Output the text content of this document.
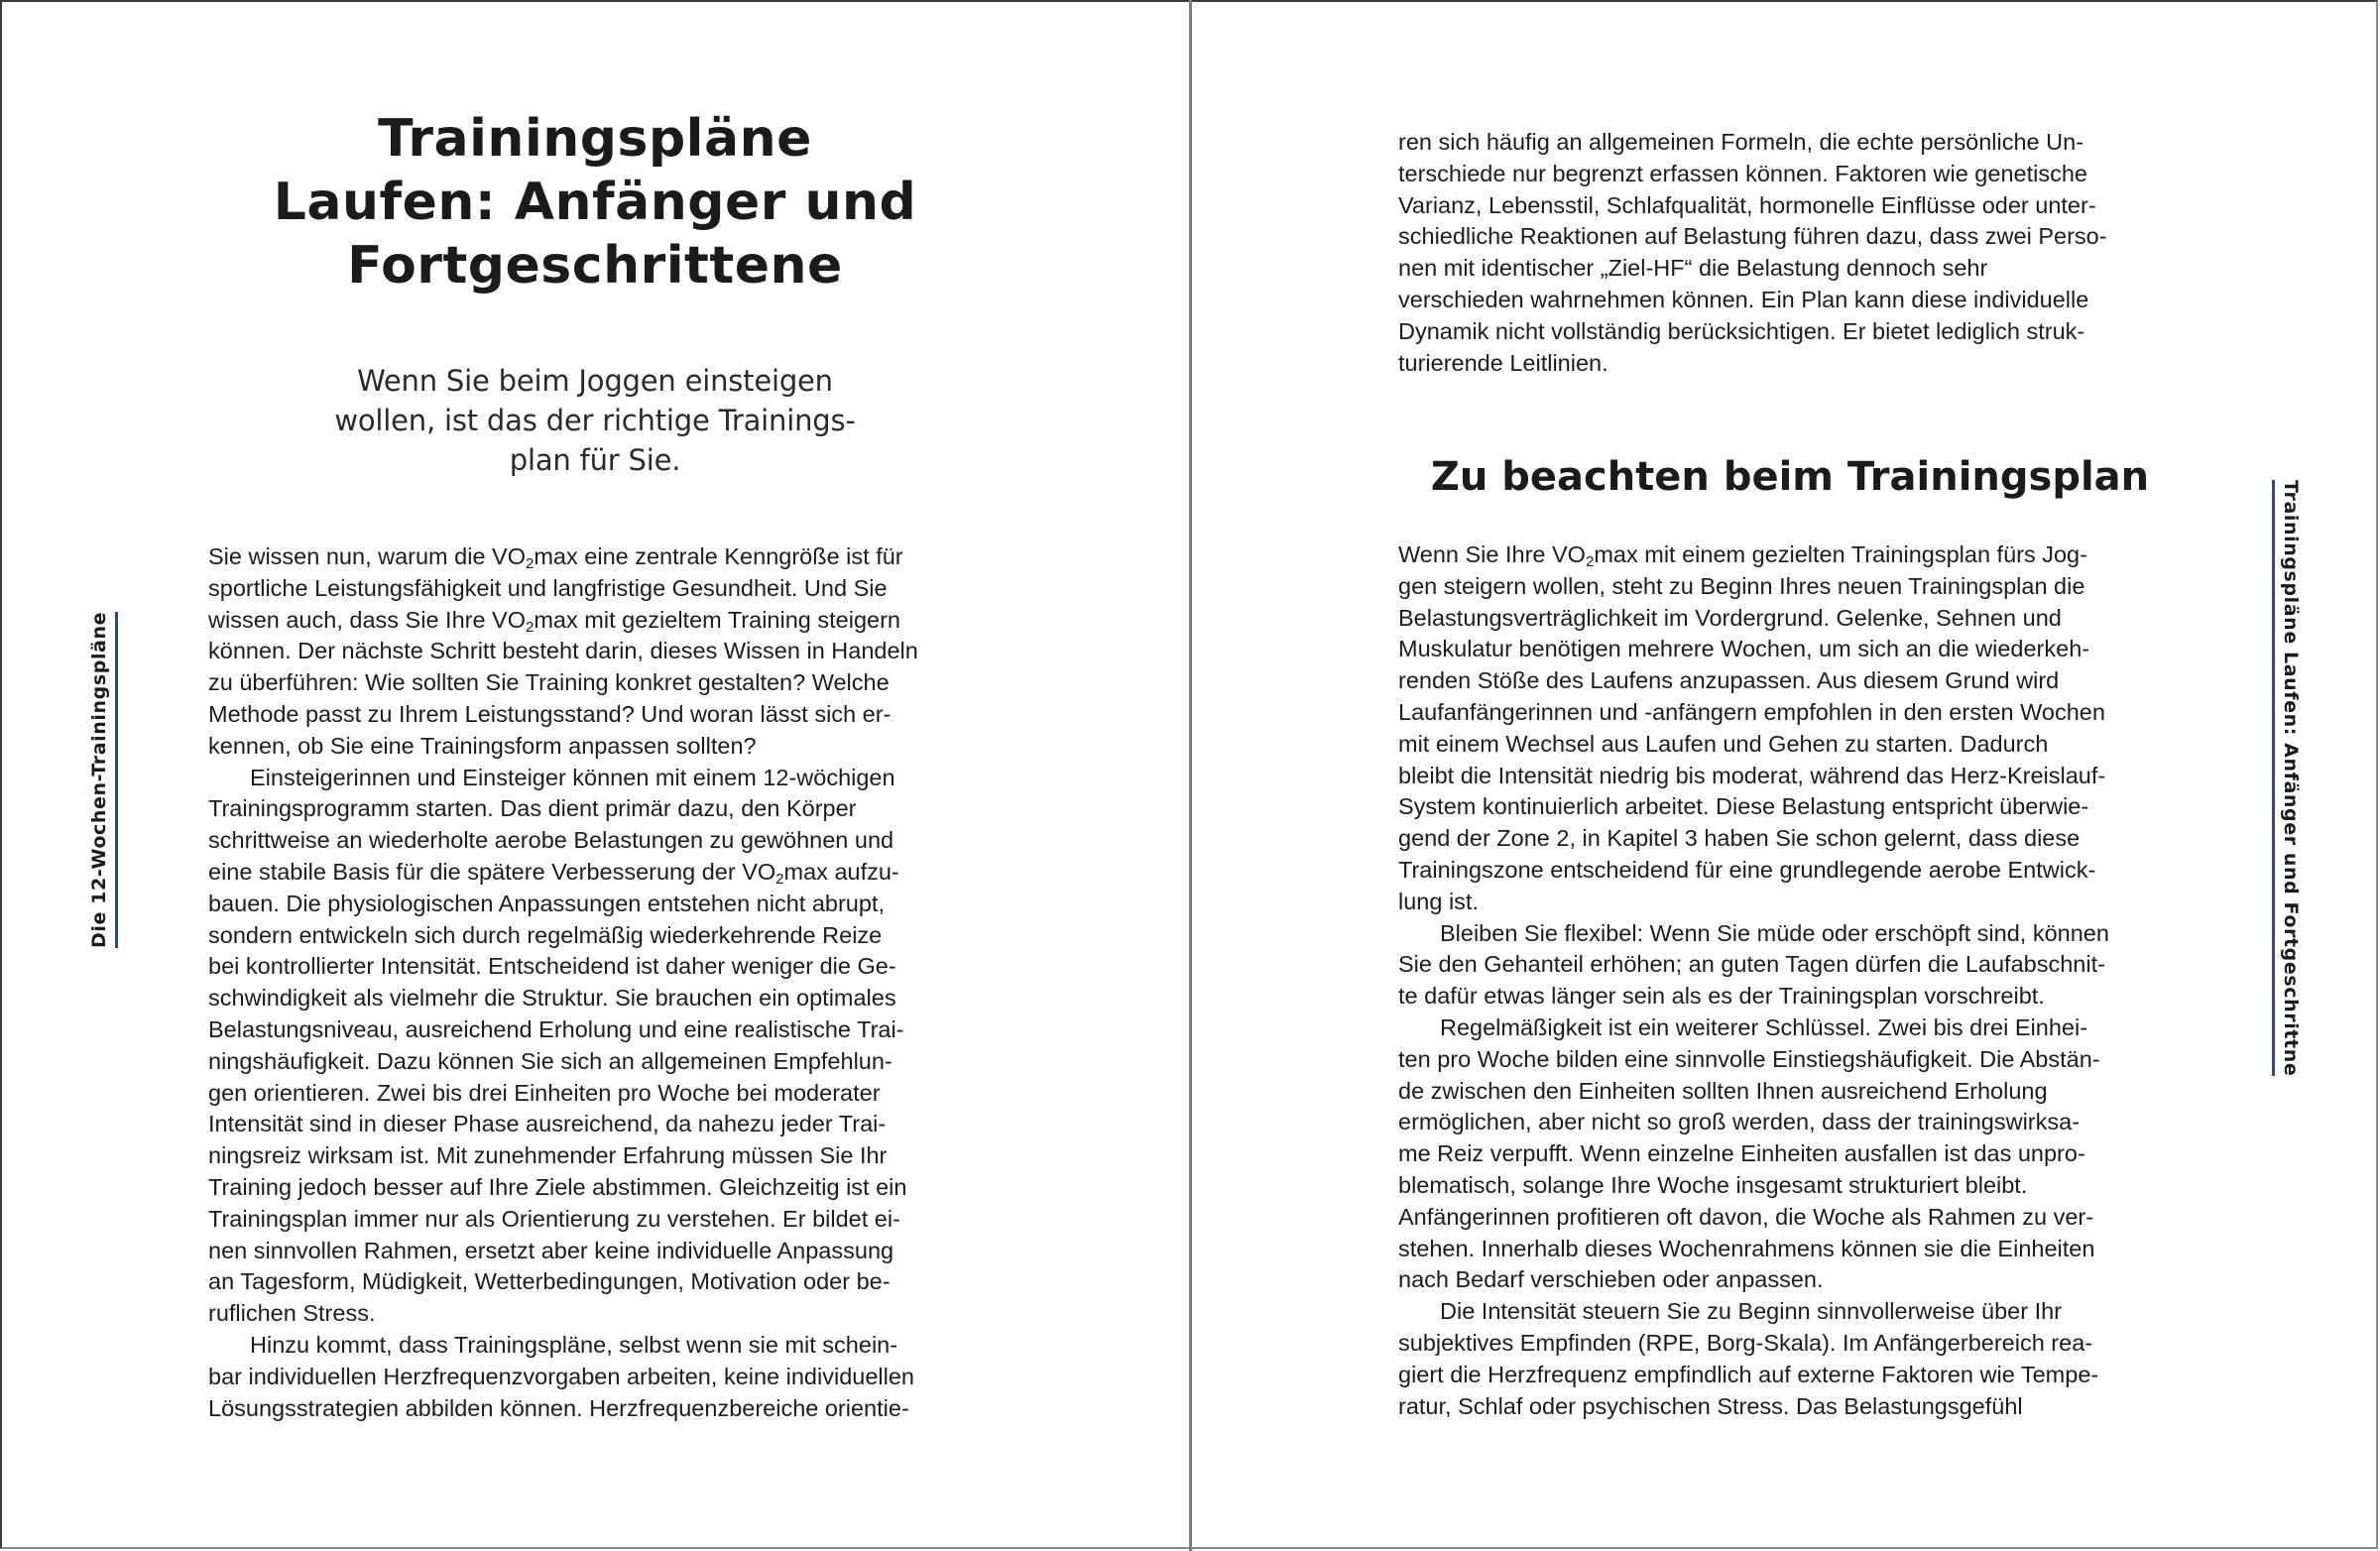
Die 12-Wochen-Trainingspläne
Trainingspläne
Laufen: Anfänger und
Fortgeschrittene
Wenn Sie beim Joggen einsteigen
wollen, ist das der richtige Trainings-
plan für Sie.
Sie wissen nun, warum die $VO_2\max$ eine zentrale Kenngröße ist für
sportliche Leistungsfähigkeit und langfristige Gesundheit. Und Sie
wissen auch, dass Sie Ihre $VO_2\max$ mit gezieltem Training steigern
können. Der nächste Schritt besteht darin, dieses Wissen in Handeln
zu überführen: Wie sollten Sie Training konkret gestalten? Welche
Methode passt zu Ihrem Leistungsstand? Und woran lässt sich er-
kennen, ob Sie eine Trainingsform anpassen sollten?
Einsteigerinnen und Einsteiger können mit einem 12-wöchigen
Trainingsprogramm starten. Das dient primär dazu, den Körper
schrittweise an wiederholte aerobe Belastungen zu gewöhnen und
eine stabile Basis für die spätere Verbesserung der $VO_2\max$ aufzu-
bauen. Die physiologischen Anpassungen entstehen nicht abrupt,
sondern entwickeln sich durch regelmäßig wiederkehrende Reize
bei kontrollierter Intensität. Entscheidend ist daher weniger die Ge-
schwindigkeit als vielmehr die Struktur. Sie brauchen ein optimales
Belastungsniveau, ausreichend Erholung und eine realistische Trai-
ningshäufigkeit. Dazu können Sie sich an allgemeinen Empfehlun-
gen orientieren. Zwei bis drei Einheiten pro Woche bei moderater
Intensität sind in dieser Phase ausreichend, da nahezu jeder Trai-
ningsreiz wirksam ist. Mit zunehmender Erfahrung müssen Sie Ihr
Training jedoch besser auf Ihre Ziele abstimmen. Gleichzeitig ist ein
Trainingsplan immer nur als Orientierung zu verstehen. Er bildet ei-
nen sinnvollen Rahmen, ersetzt aber keine individuelle Anpassung
an Tagesform, Müdigkeit, Wetterbedingungen, Motivation oder be-
ruflichen Stress.
Hinzu kommt, dass Trainingspläne, selbst wenn sie mit schein-
bar individuellen Herzfrequenzvorgaben arbeiten, keine individuellen
Lösungsstrategien abbilden können. Herzfrequenzbereiche orientie-
Trainingspläne Laufen: Anfänger und Fortgeschrittne
ren sich häufig an allgemeinen Formeln, die echte persönliche Un-
terschiede nur begrenzt erfassen können. Faktoren wie genetische
Varianz, Lebensstil, Schlafqualität, hormonelle Einflüsse oder unter-
schiedliche Reaktionen auf Belastung führen dazu, dass zwei Perso-
nen mit identischer „Ziel-HF“ die Belastung dennoch sehr
verschieden wahrnehmen können. Ein Plan kann diese individuelle
Dynamik nicht vollständig berücksichtigen. Er bietet lediglich struk-
turierende Leitlinien.
Zu beachten beim Trainingsplan
Wenn Sie Ihre $VO_2\max$ mit einem gezielten Trainingsplan fürs Jog-
gen steigern wollen, steht zu Beginn Ihres neuen Trainingsplan die
Belastungsverträglichkeit im Vordergrund. Gelenke, Sehnen und
Muskulatur benötigen mehrere Wochen, um sich an die wiederkeh-
renden Stöße des Laufens anzupassen. Aus diesem Grund wird
Laufanfängerinnen und -anfängern empfohlen in den ersten Wochen
mit einem Wechsel aus Laufen und Gehen zu starten. Dadurch
bleibt die Intensität niedrig bis moderat, während das Herz-Kreislauf-
System kontinuierlich arbeitet. Diese Belastung entspricht überwie-
gend der Zone 2, in Kapitel 3 haben Sie schon gelernt, dass diese
Trainingszone entscheidend für eine grundlegende aerobe Entwick-
lung ist.
Bleiben Sie flexibel: Wenn Sie müde oder erschöpft sind, können
Sie den Gehanteil erhöhen; an guten Tagen dürfen die Laufabschnit-
te dafür etwas länger sein als es der Trainingsplan vorschreibt.
Regelmäßigkeit ist ein weiterer Schlüssel. Zwei bis drei Einhei-
ten pro Woche bilden eine sinnvolle Einstiegshäufigkeit. Die Abstän-
de zwischen den Einheiten sollten Ihnen ausreichend Erholung
ermöglichen, aber nicht so groß werden, dass der trainingswirksa-
me Reiz verpufft. Wenn einzelne Einheiten ausfallen ist das unpro-
blematisch, solange Ihre Woche insgesamt strukturiert bleibt.
Anfängerinnen profitieren oft davon, die Woche als Rahmen zu ver-
stehen. Innerhalb dieses Wochenrahmens können sie die Einheiten
nach Bedarf verschieben oder anpassen.
Die Intensität steuern Sie zu Beginn sinnvollerweise über Ihr
subjektives Empfinden (RPE, Borg-Skala). Im Anfängerbereich rea-
giert die Herzfrequenz empfindlich auf externe Faktoren wie Tempe-
ratur, Schlaf oder psychischen Stress. Das Belastungsgefühl
